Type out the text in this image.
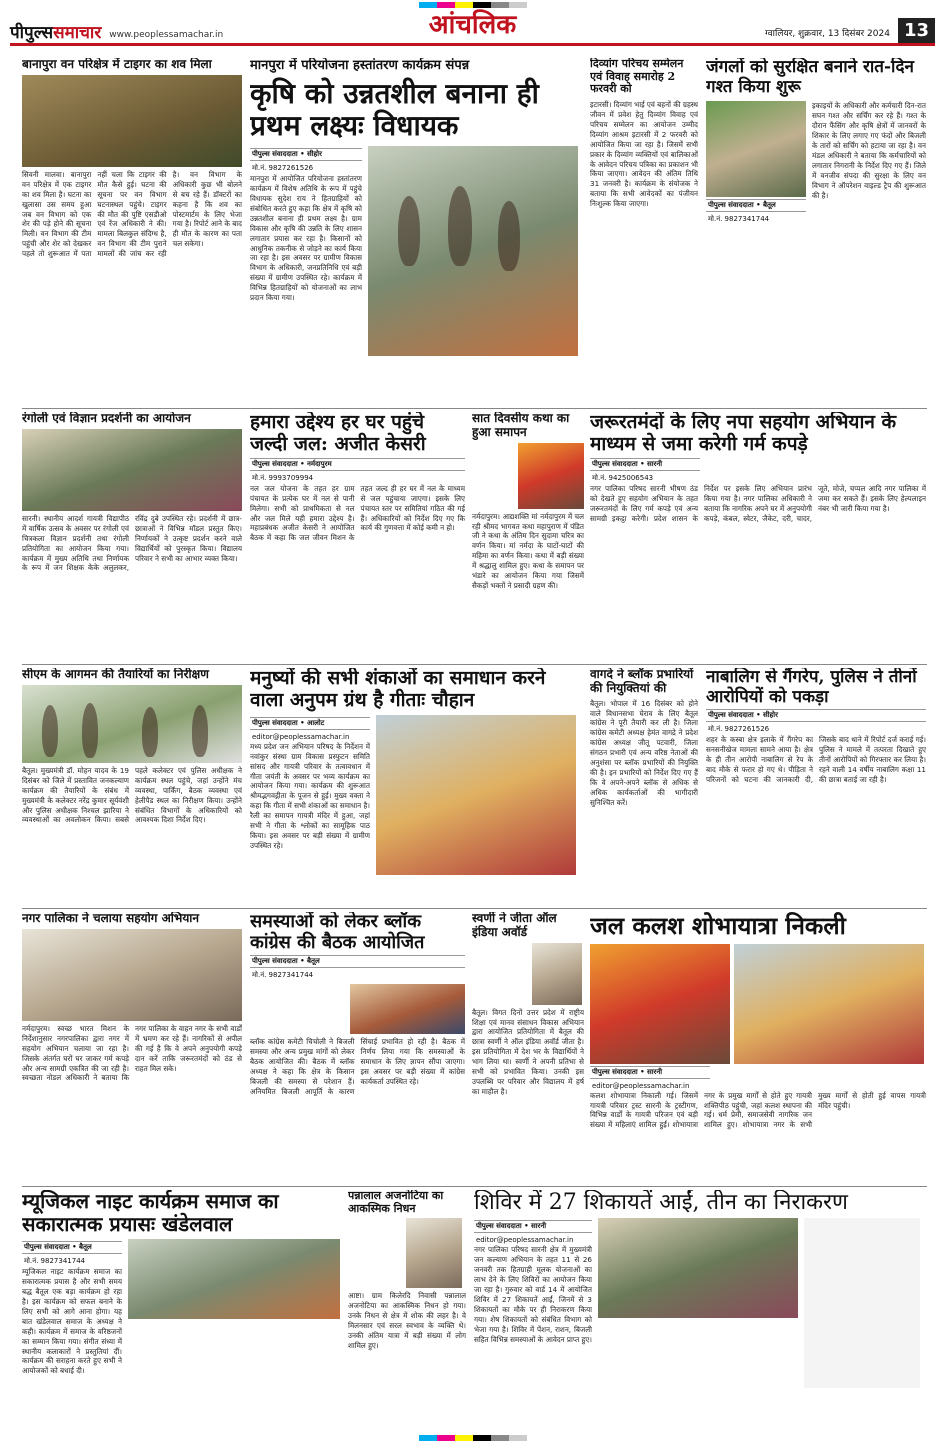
पीपुल्ससमाचार www.peoplessamachar.in	आंचलिक	ग्वालियर, शुक्रवार, 13 दिसंबर 2024 13
बानापुरा वन परिक्षेत्र में टाइगर का शव मिला
सिवनी मालवा। बानापुरा वन परिक्षेत्र में एक टाइगर का शव मिला है। घटना का खुलासा उस समय हुआ जब वन विभाग को एक शेर की पड़े होने की सूचना मिली। वन विभाग की टीम पहुंची और शेर को देखकर पहले तो शुरूआत में पता नहीं चला कि टाइगर की मौत कैसे हुई। घटना की सूचना पर वन विभाग घटनास्थल पहुंचे। टाइगर की मौत की पुष्टि एसडीओ एवं रेंज अधिकारी ने की। मामला बिलकुल संदिग्ध है, वन विभाग की टीम पुराने मामलों की जांच कर रही है। वन विभाग के अधिकारी कुछ भी बोलने से बच रहे हैं। डॉक्टरों का कहना है कि शव का पोस्टमार्टम के लिए भेजा गया है। रिपोर्ट आने के बाद ही मौत के कारण का पता चल सकेगा।
मानपुरा में परियोजना हस्तांतरण कार्यक्रम संपन्न
कृषि को उन्नतशील बनाना ही प्रथम लक्ष्यः विधायक
पीपुल्स संवाददाता • सीहोर
मो.नं. 9827261526
मानपुरा में आयोजित परियोजना हस्तांतरण कार्यक्रम में विशेष अतिथि के रूप में पहुंचे विधायक सुदेश राय ने हितग्राहियों को संबोधित करते हुए कहा कि क्षेत्र में कृषि को उन्नतशील बनाना ही प्रथम लक्ष्य है। ग्राम विकास और कृषि की उन्नति के लिए शासन लगातार प्रयास कर रहा है। किसानों को आधुनिक तकनीक से जोड़ने का कार्य किया जा रहा है। इस अवसर पर ग्रामीण विकास विभाग के अधिकारी, जनप्रतिनिधि एवं बड़ी संख्या में ग्रामीण उपस्थित रहे। कार्यक्रम में विभिन्न हितग्राहियों को योजनाओं का लाभ प्रदान किया गया।
दिव्यांग परिचय सम्मेलन एवं विवाह समारोह 2 फरवरी को
इटारसी। दिव्यांग भाई एवं बहनों की ग्रहस्थ जीवन में प्रवेश हेतु दिव्यांग विवाह एवं परिचय सम्मेलन का आयोजन उम्मीद दिव्यांग आश्रम इटारसी में 2 फरवरी को आयोजित किया जा रहा है। जिसमें सभी प्रकार के दिव्यांग व्यक्तियों एवं बालिकाओं के आवेदन परिचय पत्रिका का प्रकाशन भी किया जाएगा। आवेदन की अंतिम तिथि 31 जनवरी है। कार्यक्रम के संयोजक ने बताया कि सभी आवेदकों का पंजीयन निःशुल्क किया जाएगा।
जंगलों को सुरक्षित बनाने रात-दिन गश्त किया शुरू
पीपुल्स संवाददाता • बैतूल
मो.नं. 9827341744
इकाइयों के अधिकारी और कर्मचारी दिन-रात सघन गश्त और सर्चिंग कर रहे हैं। गश्त के दौरान फैंसिंग और कृषि क्षेत्रों में जानवरों के शिकार के लिए लगाए गए फंदों और बिजली के तारों को सर्चिंग को हटाया जा रहा है। वन मंडल अधिकारी ने बताया कि कर्मचारियों को लगातार निगरानी के निर्देश दिए गए हैं। जिले में वनजीव संपदा की सुरक्षा के लिए वन विभाग ने ऑपरेशन वाइल्ड ट्रैप की शुरूआत की है।
रंगोली एवं विज्ञान प्रदर्शनी का आयोजन
सारनी। स्थानीय आदर्श गायत्री विद्यापीठ में वार्षिक उत्सव के अवसर पर रंगोली एवं चित्रकला विज्ञान प्रदर्शनी तथा रंगोली प्रतियोगिता का आयोजन किया गया। कार्यक्रम में मुख्य अतिथि तथा निर्णायक के रूप में जन शिक्षक केके अलुलकर, रविंद्र दुबे उपस्थित रहे। प्रदर्शनी में छात्र-छात्राओं ने विभिन्न मॉडल प्रस्तुत किए। निर्णायकों ने उत्कृष्ट प्रदर्शन करने वाले विद्यार्थियों को पुरस्कृत किया। विद्यालय परिवार ने सभी का आभार व्यक्त किया।
हमारा उद्देश्य हर घर पहुंचे जल्दी जल: अजीत केसरी
पीपुल्स संवाददाता • नर्मदापुरम
मो.नं. 9993709994
नल जल योजना के तहत हर ग्राम पंचायत के प्रत्येक घर में नल से पानी मिलेगा। सभी को प्राथमिकता से नल और जल मिले यही हमारा उद्देश्य है। महाप्रबंधक अजीत केसरी ने आयोजित बैठक में कहा कि जल जीवन मिशन के तहत जल्द ही हर घर में नल के माध्यम से जल पहुंचाया जाएगा। इसके लिए पंचायत स्तर पर समितियां गठित की गई हैं। अधिकारियों को निर्देश दिए गए कि कार्य की गुणवत्ता में कोई कमी न हो।
सात दिवसीय कथा का हुआ समापन
नर्मदापुरम। आद्यशक्ति मां नर्मदापुरम में चल रही श्रीमद भागवत कथा महापुराण में पंडित जी ने कथा के अंतिम दिन सुदामा चरित्र का वर्णन किया। मां नर्मदा के घाटों-घाटों की महिमा का वर्णन किया। कथा में बड़ी संख्या में श्रद्धालु शामिल हुए। कथा के समापन पर भंडारे का आयोजन किया गया जिसमें सैकड़ों भक्तों ने प्रसादी ग्रहण की।
जरूरतमंदों के लिए नपा सहयोग अभियान के माध्यम से जमा करेगी गर्म कपड़े
पीपुल्स संवाददाता • सारनी
मो.नं. 9425006543
नगर पालिका परिषद सारनी भीषण ठंड को देखते हुए सहयोग अभियान के तहत जरूरतमंदों के लिए गर्म कपड़े एवं अन्य सामग्री इकट्ठा करेगी। प्रदेश शासन के निर्देश पर इसके लिए अभियान प्रारंभ किया गया है। नगर पालिका अधिकारी ने बताया कि नागरिक अपने घर में अनुपयोगी कपड़े, कंबल, स्वेटर, जैकेट, दरी, चादर, जूते, मोजे, चप्पल आदि नगर पालिका में जमा कर सकते हैं। इसके लिए हेल्पलाइन नंबर भी जारी किया गया है।
सीएम के आगमन की तैयारियों का निरीक्षण
बैतूल। मुख्यमंत्री डॉ. मोहन यादव के 19 दिसंबर को जिले में प्रस्तावित जनकल्याण कार्यक्रम की तैयारियों के संबंध में मुख्यमंत्री के कलेक्टर नरेंद्र कुमार सूर्यवंशी और पुलिस अधीक्षक निश्चल झारिया ने व्यवस्थाओं का अवलोकन किया। सबसे पहले कलेक्टर एवं पुलिस अधीक्षक ने कार्यक्रम स्थल पहुंचे, जहां उन्होंने मंच व्यवस्था, पार्किंग, बैठक व्यवस्था एवं हेलीपैड स्थल का निरीक्षण किया। उन्होंने संबंधित विभागों के अधिकारियों को आवश्यक दिशा निर्देश दिए।
मनुष्यों की सभी शंकाओं का समाधान करने वाला अनुपम ग्रंथ है गीताः चौहान
पीपुल्स संवाददाता • आलोट
editor@peoplessamachar.in
मध्य प्रदेश जन अभियान परिषद के निर्देशन में नवांकुर संस्था ग्राम विकास प्रस्फुटन समिति सांसद और गायत्री परिवार के तत्वावधान में गीता जयंती के अवसर पर भव्य कार्यक्रम का आयोजन किया गया। कार्यक्रम की शुरूआत श्रीमद्भगवद्गीता के पूजन से हुई। मुख्य वक्ता ने कहा कि गीता में सभी शंकाओं का समाधान है। रैली का समापन गायत्री मंदिर में हुआ, जहां सभी ने गीता के श्लोकों का सामूहिक पाठ किया। इस अवसर पर बड़ी संख्या में ग्रामीण उपस्थित रहे।
वागदे ने ब्लॉक प्रभारियों की नियुक्तियां की
बैतूल। भोपाल में 16 दिसंबर को होने वाले विधानसभा घेराव के लिए बैतूल कांग्रेस ने पूरी तैयारी कर ली है। जिला कांग्रेस कमेटी अध्यक्ष हेमंत वागद्रे ने प्रदेश कांग्रेस अध्यक्ष जीतू पटवारी, जिला संगठन प्रभारी एवं अन्य वरिष्ठ नेताओं की अनुशंसा पर ब्लॉक प्रभारियों की नियुक्ति की है। इन प्रभारियों को निर्देश दिए गए हैं कि वे अपने-अपने ब्लॉक से अधिक से अधिक कार्यकर्ताओं की भागीदारी सुनिश्चित करें।
नाबालिग से गैंगरेप, पुलिस ने तीनों आरोपियों को पकड़ा
पीपुल्स संवाददाता • सीहोर
मो.नं. 9827261526
शहर के कस्बा क्षेत्र इलाके में गैंगरेप का सनसनीखेज मामला सामने आया है। क्षेत्र के ही तीन आरोपी नाबालिग से रेप के बाद मौके से फरार हो गए थे। पीड़िता ने परिजनों को घटना की जानकारी दी, जिसके बाद थाने में रिपोर्ट दर्ज कराई गई। पुलिस ने मामले में तत्परता दिखाते हुए तीनों आरोपियों को गिरफ्तार कर लिया है। रहने वाली 14 वर्षीय नाबालिग कक्षा 11 की छात्रा बताई जा रही है।
नगर पालिका ने चलाया सहयोग अभियान
नर्मदापुरम। स्वच्छ भारत मिशन के निर्देशानुसार नगरपालिका द्वारा नगर में सहयोग अभियान चलाया जा रहा है। जिसके अंतर्गत घरों घर जाकर गर्म कपड़े और अन्य सामग्री एकत्रित की जा रही है। स्वच्छता नोडल अधिकारी ने बताया कि नगर पालिका के वाहन नगर के सभी वार्डों में भ्रमण कर रहे हैं। नागरिकों से अपील की गई है कि वे अपने अनुपयोगी कपड़े दान करें ताकि जरूरतमंदों को ठंड से राहत मिल सके।
समस्याओं को लेकर ब्लॉक कांग्रेस की बैठक आयोजित
पीपुल्स संवाददाता • बैतूल
मो.नं. 9827341744
ब्लॉक कांग्रेस कमेटी चिचोली ने बिजली समस्या और अन्य प्रमुख मांगों को लेकर बैठक आयोजित की। बैठक में ब्लॉक अध्यक्ष ने कहा कि क्षेत्र के किसान बिजली की समस्या से परेशान हैं। अनियमित बिजली आपूर्ति के कारण सिंचाई प्रभावित हो रही है। बैठक में निर्णय लिया गया कि समस्याओं के समाधान के लिए ज्ञापन सौंपा जाएगा। इस अवसर पर बड़ी संख्या में कांग्रेस कार्यकर्ता उपस्थित रहे।
स्वर्णी ने जीता ऑल इंडिया अवॉर्ड
बैतूल। विगत दिनों उत्तर प्रदेश में राष्ट्रीय शिक्षा एवं मानव संसाधन विकास अभियान द्वारा आयोजित प्रतियोगिता में बैतूल की छात्रा स्वर्णी ने ऑल इंडिया अवॉर्ड जीता है। इस प्रतियोगिता में देश भर के विद्यार्थियों ने भाग लिया था। स्वर्णी ने अपनी प्रतिभा से सभी को प्रभावित किया। उनकी इस उपलब्धि पर परिवार और विद्यालय में हर्ष का माहौल है।
जल कलश शोभायात्रा निकली
पीपुल्स संवाददाता • सारनी
editor@peoplessamachar.in
कलश शोभायात्रा निकाली गई। जिसमें गायत्री परिवार ट्रस्ट सारनी के ट्रस्टीगण, विभिन्न वार्डों के गायत्री परिजन एवं बड़ी संख्या में महिलाएं शामिल हुईं। शोभायात्रा नगर के प्रमुख मार्गों से होते हुए गायत्री शक्तिपीठ पहुंची, जहां कलश स्थापना की गई। धर्म प्रेमी, समाजसेवी नागरिक जन शामिल हुए। शोभायात्रा नगर के सभी मुख्य मार्गों से होती हुई वापस गायत्री मंदिर पहुंची।
म्यूजिकल नाइट कार्यक्रम समाज का सकारात्मक प्रयासः खंडेलवाल
पीपुल्स संवाददाता • बैतूल
मो.नं. 9827341744
म्यूजिकल नाइट कार्यक्रम समाज का सकारात्मक प्रयास है और सभी समय बद्ध बैतूल एक बड़ा कार्यक्रम हो रहा है। इस कार्यक्रम को सफल बनाने के लिए सभी को आगे आना होगा। यह बात खंडेलवाल समाज के अध्यक्ष ने कही। कार्यक्रम में समाज के वरिष्ठजनों का सम्मान किया गया। संगीत संध्या में स्थानीय कलाकारों ने प्रस्तुतियां दीं। कार्यक्रम की सराहना करते हुए सभी ने आयोजकों को बधाई दी।
पन्नालाल अजनोटिया का आकस्मिक निधन
आष्टा। ग्राम किलेरदि निवासी पन्नालाल अजनोटिया का आकस्मिक निधन हो गया। उनके निधन से क्षेत्र में शोक की लहर है। वे मिलनसार एवं सरल स्वभाव के व्यक्ति थे। उनकी अंतिम यात्रा में बड़ी संख्या में लोग शामिल हुए।
शिविर में 27 शिकायतें आईं, तीन का निराकरण
पीपुल्स संवाददाता • सारनी
editor@peoplessamachar.in
नगर पालिका परिषद सारनी क्षेत्र में मुख्यमंत्री जन कल्याण अभियान के तहत 11 से 26 जनवरी तक हितग्राही मूलक योजनाओं का लाभ देने के लिए शिविरों का आयोजन किया जा रहा है। गुरुवार को वार्ड 14 में आयोजित शिविर में 27 शिकायतें आईं, जिनमें से 3 शिकायतों का मौके पर ही निराकरण किया गया। शेष शिकायतों को संबंधित विभाग को भेजा गया है। शिविर में पेंशन, राशन, बिजली सहित विभिन्न समस्याओं के आवेदन प्राप्त हुए।
